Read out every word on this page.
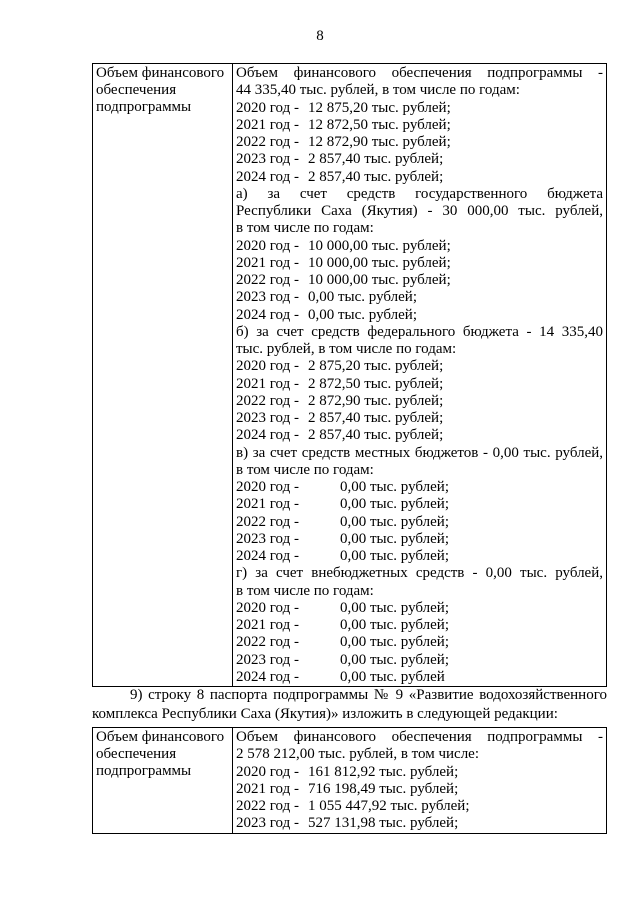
8
Объем финансового
обеспечения
подпрограммы

Объем финансового обеспечения подпрограммы -
44 335,40 тыс. рублей, в том числе по годам:
2020 год - 12 875,20 тыс. рублей;
2021 год - 12 872,50 тыс. рублей;
2022 год - 12 872,90 тыс. рублей;
2023 год - 2 857,40 тыс. рублей;
2024 год - 2 857,40 тыс. рублей;
а) за счет средств государственного бюджета
Республики Саха (Якутия) - 30 000,00 тыс. рублей,
в том числе по годам:
2020 год - 10 000,00 тыс. рублей;
2021 год - 10 000,00 тыс. рублей;
2022 год - 10 000,00 тыс. рублей;
2023 год - 0,00 тыс. рублей;
2024 год - 0,00 тыс. рублей;
б) за счет средств федерального бюджета - 14 335,40
тыс. рублей, в том числе по годам:
2020 год - 2 875,20 тыс. рублей;
2021 год - 2 872,50 тыс. рублей;
2022 год - 2 872,90 тыс. рублей;
2023 год - 2 857,40 тыс. рублей;
2024 год - 2 857,40 тыс. рублей;
в) за счет средств местных бюджетов - 0,00 тыс. рублей,
в том числе по годам:
2020 год -	0,00 тыс. рублей;
2021 год -	0,00 тыс. рублей;
2022 год -	0,00 тыс. рублей;
2023 год -	0,00 тыс. рублей;
2024 год -	0,00 тыс. рублей;
г) за счет внебюджетных средств - 0,00 тыс. рублей,
в том числе по годам:
2020 год -	0,00 тыс. рублей;
2021 год -	0,00 тыс. рублей;
2022 год -	0,00 тыс. рублей;
2023 год -	0,00 тыс. рублей;
2024 год -	0,00 тыс. рублей
9) строку 8 паспорта подпрограммы № 9 «Развитие водохозяйственного
комплекса Республики Саха (Якутия)» изложить в следующей редакции:
Объем финансового
обеспечения
подпрограммы

Объем финансового обеспечения подпрограммы -
2 578 212,00 тыс. рублей, в том числе:
2020 год - 161 812,92 тыс. рублей;
2021 год - 716 198,49 тыс. рублей;
2022 год - 1 055 447,92 тыс. рублей;
2023 год - 527 131,98 тыс. рублей;
